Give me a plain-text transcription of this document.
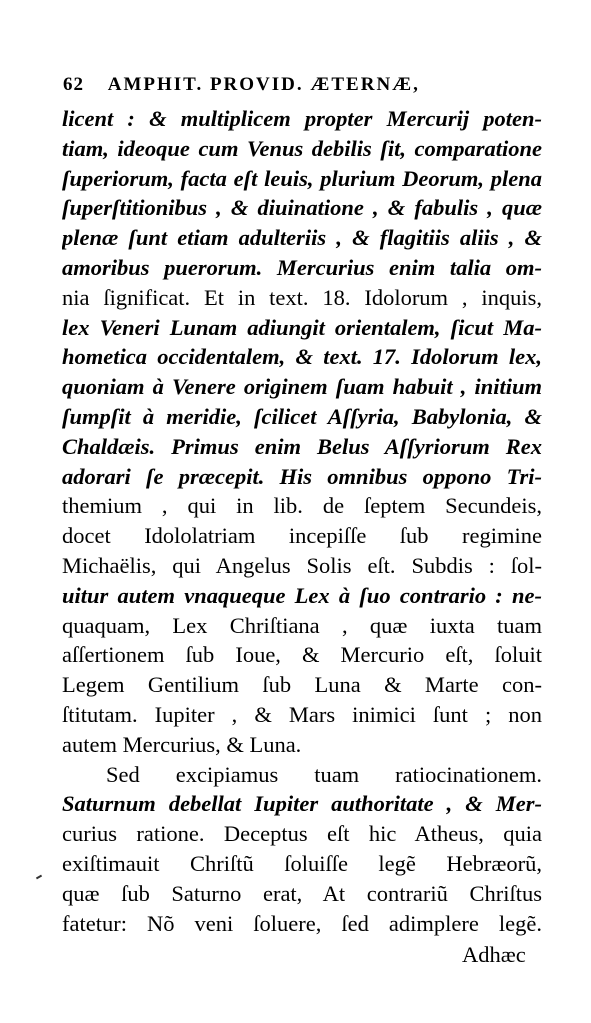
62 AMPHIT. PROVID. ÆTERNÆ,
licent : & multiplicem propter Mercurij poten-
tiam, ideoque cum Venus debilis ſit, comparatione
ſuperiorum, facta eſt leuis, plurium Deorum, plena
ſuperſtitionibus , & diuinatione , & fabulis , quæ
plenæ ſunt etiam adulteriis , & flagitiis aliis , &
amoribus puerorum. Mercurius enim talia om-
nia ſignificat. Et in text. 18. Idolorum , inquis,
lex Veneri Lunam adiungit orientalem, ſicut Ma-
hometica occidentalem, & text. 17. Idolorum lex,
quoniam à Venere originem ſuam habuit , initium
ſumpſit à meridie, ſcilicet Aſſyria, Babylonia, &
Chaldæis. Primus enim Belus Aſſyriorum Rex
adorari ſe præcepit. His omnibus oppono Tri-
themium , qui in lib. de ſeptem Secundeis,
docet Idololatriam incepiſſe ſub regimine
Michaëlis, qui Angelus Solis eſt. Subdis : ſol-
uitur autem vnaqueque Lex à ſuo contrario : ne-
quaquam, Lex Chriſtiana , quæ iuxta tuam
aſſertionem ſub Ioue, & Mercurio eſt, ſoluit
Legem Gentilium ſub Luna & Marte con-
ſtitutam. Iupiter , & Mars inimici ſunt ; non
autem Mercurius, & Luna.
Sed excipiamus tuam ratiocinationem.
Saturnum debellat Iupiter authoritate , & Mer-
curius ratione. Deceptus eſt hic Atheus, quia
exiſtimauit Chriſtũ ſoluiſſe legẽ Hebræorũ,
quæ ſub Saturno erat, At contrariũ Chriſtus
fatetur: Nõ veni ſoluere, ſed adimplere legẽ.
Adhæc
